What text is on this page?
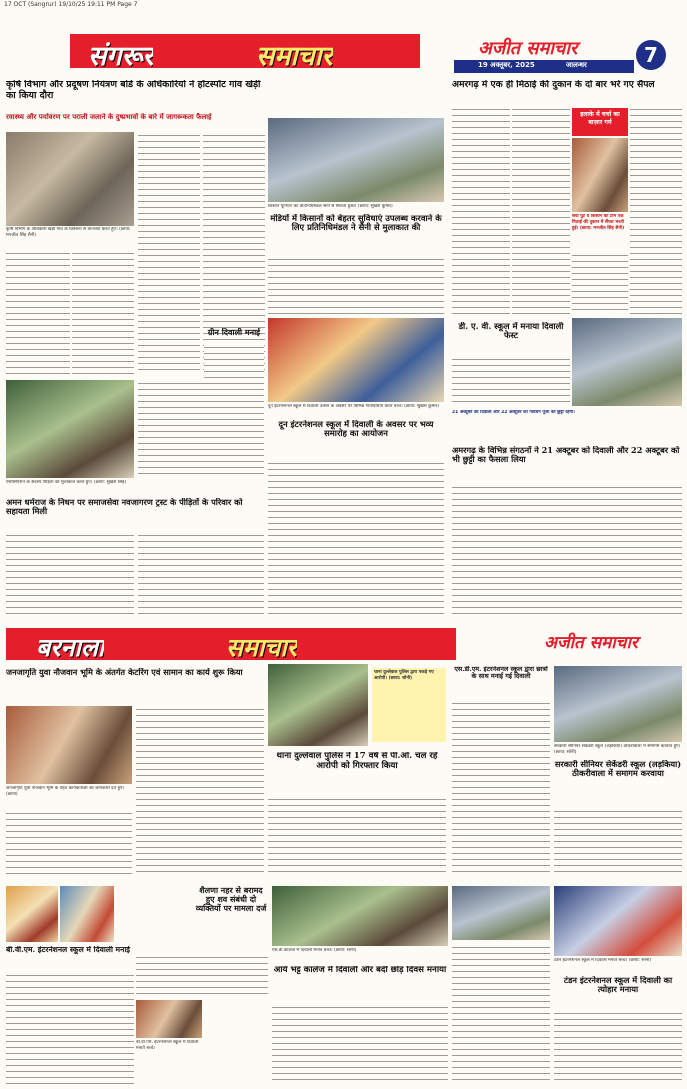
17 OCT (Sangrur) 19/10/25 19:11 PM Page 7
संगरूर	समाचार	अजीत समाचार
19 अक्तूबर, 2025	जालन्धर	7
कृषि विभाग और प्रदूषण नियंत्रण बोर्ड के अधिकारियों ने हॉटस्पॉट गांव खेड़ी का किया दौरा
रवास्थ्य और पर्यावरण पर पराली जलाने के दुष्प्रभावों के बारे में जागरूकता फैलाई
कृषि विभाग के अधिकारी खेड़ी गांव के किसानों से बातचीत करते हुए। (छाया: मनजीत सिंह सैनी)
किसान यूनियन का प्रतिनिधिमंडल सैनी से मिलता हुआ। (छाया: सुखेश कुमार)
मंडियों में किसानों को बेहतर सुविधाएं उपलब्ध करवाने के लिए प्रतिनिधिमंडल ने सैनी से मुलाकात की
अमरगढ़ में एक ही मिठाई की दुकान के दो बार भरे गए सैंपल
इलाके में चर्चा का बाज़ार गर्म
सवा घुट व किसान की टीम एक मिठाई की दुकान में सैंपल भरती हुई। (छाया: मनजीत सिंह सैनी)
ग्रीन दिवाली मनाई
एसोसिएशन के सदस्य पीड़ितों को मुलाकात करते हुए। (छाया: सुखेश सिंह)
अमन धर्मराज के निधन पर समाजसेवा नवजागरण ट्रस्ट के पीड़ितों के परिवार को सहायता मिली
दून इंटरनेशनल स्कूल में दिवाली उत्सव के अवसर पर विभिन्न गतिविधियां करते बच्चे। (छाया: सुखेश कुमार)
दून इंटरनेशनल स्कूल में दिवाली के अवसर पर भव्य समारोह का आयोजन
डी. ए. वी. स्कूल में मनाया दिवाली फेस्ट
21 अक्टूबर को दिवाली और 22 अक्टूबर को गोवर्धन पूजा की छुट्टी रहेगी।
अमरगढ़ के विभिन्न संगठनों ने 21 अक्टूबर को दिवाली और 22 अक्टूबर को भी छुट्टी का फैसला लिया
बरनाला	समाचार	अजीत समाचार
जनजागृति युवा नौजवान भूमि के अंतर्गत केटरिंग एवं सामान का कार्य शुरू किया
जनजागृति युवा नौजवान भूमि के तहत कार्यकर्ताओं को जानकारी देते हुए। (छाया)
थाना दुल्लेवाल पुलिस द्वारा पकड़े गए आरोपी। (छाया: सोनी)
थाना दुल्लेवाल पुलिस ने 17 वर्ष से पी.ओ. चल रहे आरोपी को गिरफ्तार किया
एस.डी.एम. इंटरनेशनल स्कूल द्वारा छात्रों के साथ मनाई गई दिवाली
सरकारी सीनियर सेकेंडरी स्कूल (लड़किया) ठीकरीवाला में समागम करवाते हुए। (छाया: सोनी)
सरकारी सीनियर सेकेंडरी स्कूल (लड़किया) ठीकरीवाला में समागम करवाया
बी.वी.एम. इंटरनेशनल स्कूल में दिवाली मनाई
बी.वी.एम. इंटरनेशनल स्कूल में दिवाली मनाते बच्चे।
शैलणा नहर से बरामद हुए शव संबंधी दो व्यक्तियों पर मामला दर्ज
एस.डी.कॉलेज में दिवाली मनाते बच्चे। (छाया: सोनी)
आर्य भट्ट कालेज में दिवाली और बंदी छोड़ दिवस मनाया
टंडन इंटरनेशनल स्कूल में दिवाली मनाते बच्चे। (छाया: सोनी)
टंडन इंटरनेशनल स्कूल में दिवाली का त्योहार मनाया
